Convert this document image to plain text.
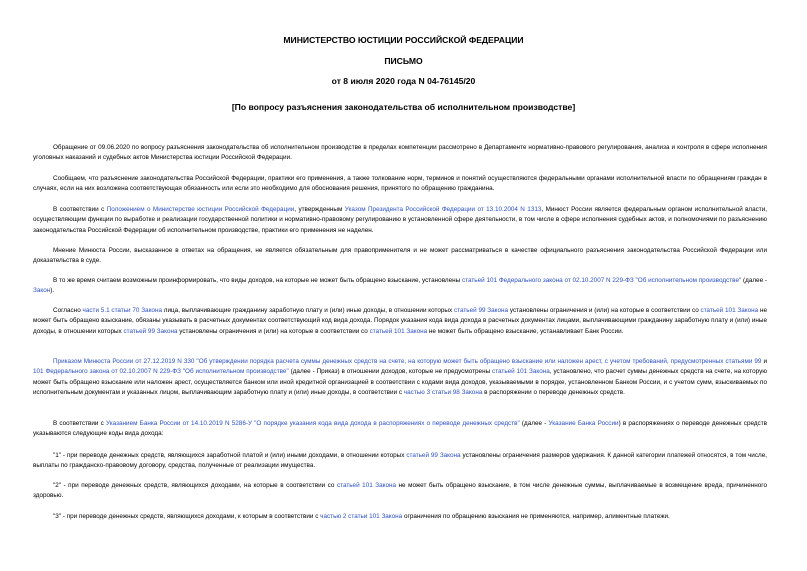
МИНИСТЕРСТВО ЮСТИЦИИ РОССИЙСКОЙ ФЕДЕРАЦИИ
ПИСЬМО
от 8 июля 2020 года N 04-76145/20
[По вопросу разъяснения законодательства об исполнительном производстве]

Обращение от 09.06.2020 по вопросу разъяснения законодательства об исполнительном производстве в пределах компетенции рассмотрено в Департаменте нормативно-правового регулирования, анализа и контроля в сфере исполнения уголовных наказаний и судебных актов Министерства юстиции Российской Федерации.

Сообщаем, что разъяснение законодательства Российской Федерации, практики его применения, а также толкование норм, терминов и понятий осуществляются федеральными органами исполнительной власти по обращениям граждан в случаях, если на них возложена соответствующая обязанность или если это необходимо для обоснования решения, принятого по обращению гражданина.

В соответствии с Положением о Министерстве юстиции Российской Федерации, утвержденным Указом Президента Российской Федерации от 13.10.2004 N 1313, Минюст России является федеральным органом исполнительной власти, осуществляющим функции по выработке и реализации государственной политики и нормативно-правовому регулированию в установленной сфере деятельности, в том числе в сфере исполнения судебных актов, и полномочиями по разъяснению законодательства Российской Федерации об исполнительном производстве, практики его применения не наделен.

Мнение Минюста России, высказанное в ответах на обращения, не является обязательным для правоприменителя и не может рассматриваться в качестве официального разъяснения законодательства Российской Федерации или доказательства в суде.

В то же время считаем возможным проинформировать, что виды доходов, на которые не может быть обращено взыскание, установлены статьей 101 Федерального закона от 02.10.2007 N 229-ФЗ "Об исполнительном производстве" (далее - Закон).

Согласно части 5.1 статьи 70 Закона лица, выплачивающие гражданину заработную плату и (или) иные доходы, в отношении которых статьей 99 Закона установлены ограничения и (или) на которые в соответствии со статьей 101 Закона не может быть обращено взыскание, обязаны указывать в расчетных документах соответствующий код вида дохода. Порядок указания кода вида дохода в расчетных документах лицами, выплачивающими гражданину заработную плату и (или) иные доходы, в отношении которых статьей 99 Закона установлены ограничения и (или) на которые в соответствии со статьей 101 Закона не может быть обращено взыскание, устанавливает Банк России.

Приказом Минюста России от 27.12.2019 N 330 "Об утверждении порядка расчета суммы денежных средств на счете, на которую может быть обращено взыскание или наложен арест, с учетом требований, предусмотренных статьями 99 и 101 Федерального закона от 02.10.2007 N 229-ФЗ "Об исполнительном производстве" (далее - Приказ) в отношении доходов, которые не предусмотрены статьей 101 Закона, установлено, что расчет суммы денежных средств на счете, на которую может быть обращено взыскание или наложен арест, осуществляется банком или иной кредитной организацией в соответствии с кодами вида доходов, указываемыми в порядке, установленном Банком России, и с учетом сумм, взыскиваемых по исполнительным документам и указанных лицом, выплачивающим заработную плату и (или) иные доходы, в соответствии с частью 3 статьи 98 Закона в распоряжении о переводе денежных средств.

В соответствии с Указанием Банка России от 14.10.2019 N 5286-У "О порядке указания кода вида дохода в распоряжениях о переводе денежных средств" (далее - Указание Банка России) в распоряжениях о переводе денежных средств указываются следующие коды вида дохода:

"1" - при переводе денежных средств, являющихся заработной платой и (или) иными доходами, в отношении которых статьей 99 Закона установлены ограничения размеров удержания. К данной категории платежей относятся, в том числе, выплаты по гражданско-правовому договору, средства, полученные от реализации имущества.

"2" - при переводе денежных средств, являющихся доходами, на которые в соответствии со статьей 101 Закона не может быть обращено взыскание, в том числе денежные суммы, выплачиваемые в возмещение вреда, причиненного здоровью.

"3" - при переводе денежных средств, являющихся доходами, к которым в соответствии с частью 2 статьи 101 Закона ограничения по обращению взыскания не применяются, например, алиментные платежи.
